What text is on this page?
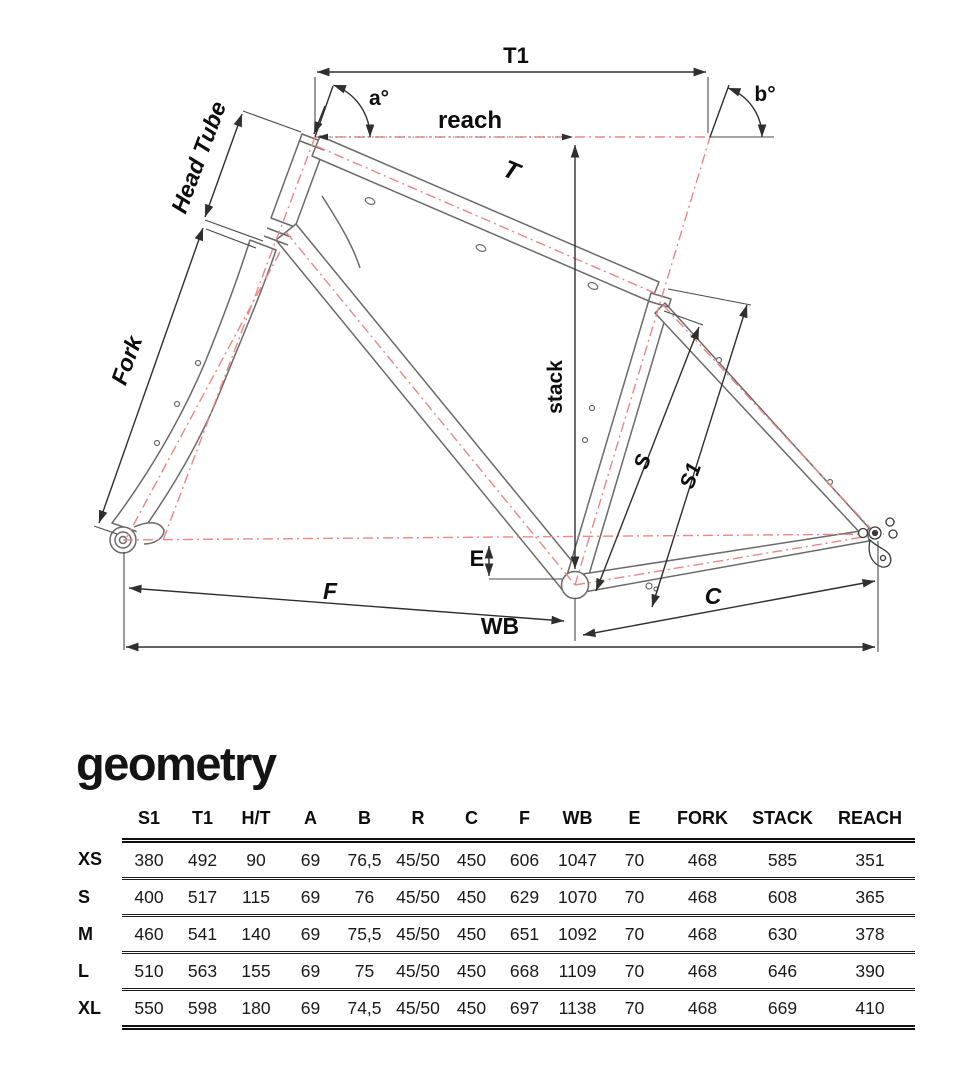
T1
a°	b°
reach
T
Head Tube
Fork	stack
S S1
E
F	C
WB
geometry
	S1	T1	H/T	A	B	R	C	F	WB	E	FORK	STACK	REACH
XS	380	492	90	69	76,5	45/50	450	606	1047	70	468	585	351
S	400	517	115	69	76	45/50	450	629	1070	70	468	608	365
M	460	541	140	69	75,5	45/50	450	651	1092	70	468	630	378
L	510	563	155	69	75	45/50	450	668	1109	70	468	646	390
XL	550	598	180	69	74,5	45/50	450	697	1138	70	468	669	410
